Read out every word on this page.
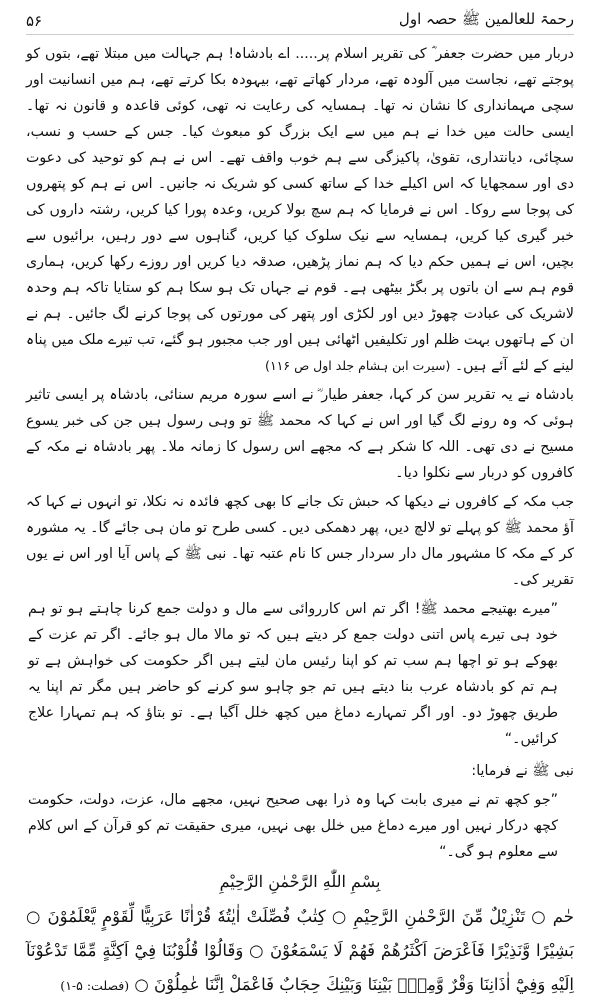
رحمۃ للعالمین ﷺ حصہ اول
۵۶

دربار میں حضرت جعفر ؓ کی تقریر اسلام پر..... اے بادشاہ! ہم جہالت میں مبتلا تھے، بتوں کو پوجتے تھے، نجاست میں آلودہ تھے، مردار کھاتے تھے، بیہودہ بکا کرتے تھے، ہم میں انسانیت اور سچی مہمانداری کا نشان نہ تھا۔ ہمسایہ کی رعایت نہ تھی، کوئی قاعدہ و قانون نہ تھا۔ ایسی حالت میں خدا نے ہم میں سے ایک بزرگ کو مبعوث کیا۔ جس کے حسب و نسب، سچائی، دیانتداری، تقویٰ، پاکیزگی سے ہم خوب واقف تھے۔ اس نے ہم کو توحید کی دعوت دی اور سمجھایا کہ اس اکیلے خدا کے ساتھ کسی کو شریک نہ جانیں۔ اس نے ہم کو پتھروں کی پوجا سے روکا۔ اس نے فرمایا کہ ہم سچ بولا کریں، وعدہ پورا کیا کریں، رشتہ داروں کی خبر گیری کیا کریں، ہمسایہ سے نیک سلوک کیا کریں، گناہوں سے دور رہیں، برائیوں سے بچیں، اس نے ہمیں حکم دیا کہ ہم نماز پڑھیں، صدقہ دیا کریں اور روزے رکھا کریں، ہماری قوم ہم سے ان باتوں پر بگڑ بیٹھی ہے۔ قوم نے جہاں تک ہو سکا ہم کو ستایا تاکہ ہم وحدہ لاشریک کی عبادت چھوڑ دیں اور لکڑی اور پتھر کی مورتوں کی پوجا کرنے لگ جائیں۔ ہم نے ان کے ہاتھوں بہت ظلم اور تکلیفیں اٹھائی ہیں اور جب مجبور ہو گئے، تب تیرے ملک میں پناہ لینے کے لئے آئے ہیں۔ (سیرت ابن ہشام جلد اول ص ۱۱۶)

بادشاہ نے یہ تقریر سن کر کہا، جعفر طیار ؓ نے اسے سورہ مریم سنائی، بادشاہ پر ایسی تاثیر ہوئی کہ وہ رونے لگ گیا اور اس نے کہا کہ محمد ﷺ تو وہی رسول ہیں جن کی خبر یسوع مسیح نے دی تھی۔ اللہ کا شکر ہے کہ مجھے اس رسول کا زمانہ ملا۔ پھر بادشاہ نے مکہ کے کافروں کو دربار سے نکلوا دیا۔

جب مکہ کے کافروں نے دیکھا کہ حبش تک جانے کا بھی کچھ فائدہ نہ نکلا، تو انہوں نے کہا کہ آؤ محمد ﷺ کو پہلے تو لالچ دیں، پھر دھمکی دیں۔ کسی طرح تو مان ہی جائے گا۔ یہ مشورہ کر کے مکہ کا مشہور مال دار سردار جس کا نام عتبہ تھا۔ نبی ﷺ کے پاس آیا اور اس نے یوں تقریر کی۔

”میرے بھتیجے محمد ﷺ! اگر تم اس کارروائی سے مال و دولت جمع کرنا چاہتے ہو تو ہم خود ہی تیرے پاس اتنی دولت جمع کر دیتے ہیں کہ تو مالا مال ہو جائے۔ اگر تم عزت کے بھوکے ہو تو اچھا ہم سب تم کو اپنا رئیس مان لیتے ہیں اگر حکومت کی خواہش ہے تو ہم تم کو بادشاہ عرب بنا دیتے ہیں تم جو چاہو سو کرنے کو حاضر ہیں مگر تم اپنا یہ طریق چھوڑ دو۔ اور اگر تمہارے دماغ میں کچھ خلل آگیا ہے۔ تو بتاؤ کہ ہم تمہارا علاج کرائیں۔“

نبی ﷺ نے فرمایا:

”جو کچھ تم نے میری بابت کہا وہ ذرا بھی صحیح نہیں، مجھے مال، عزت، دولت، حکومت کچھ درکار نہیں اور میرے دماغ میں خلل بھی نہیں، میری حقیقت تم کو قرآن کے اس کلام سے معلوم ہو گی۔“

بِسْمِ اللّٰهِ الرَّحْمٰنِ الرَّحِيْمِ

حٰم ○ تَنْزِيْلٌ مِّنَ الرَّحْمٰنِ الرَّحِيْمِ ○ كِتٰبٌ فُصِّلَتْ اٰيٰتُهٗ قُرْاٰنًا عَرَبِيًّا لِّقَوْمٍ يَّعْلَمُوْنَ ○ بَشِيْرًا وَّنَذِيْرًا فَاَعْرَضَ اَكْثَرُهُمْ فَهُمْ لَا يَسْمَعُوْنَ ○ وَقَالُوْا قُلُوْبُنَا فِيْٓ اَكِنَّةٍ مِّمَّا تَدْعُوْنَآ اِلَيْهِ وَفِيْٓ اٰذَانِنَا وَقْرٌ وَّمِنْۢ بَيْنِنَا وَبَيْنِكَ حِجَابٌ فَاعْمَلْ اِنَّنَا عٰمِلُوْنَ ○ (فصلت: ۵-۱)
